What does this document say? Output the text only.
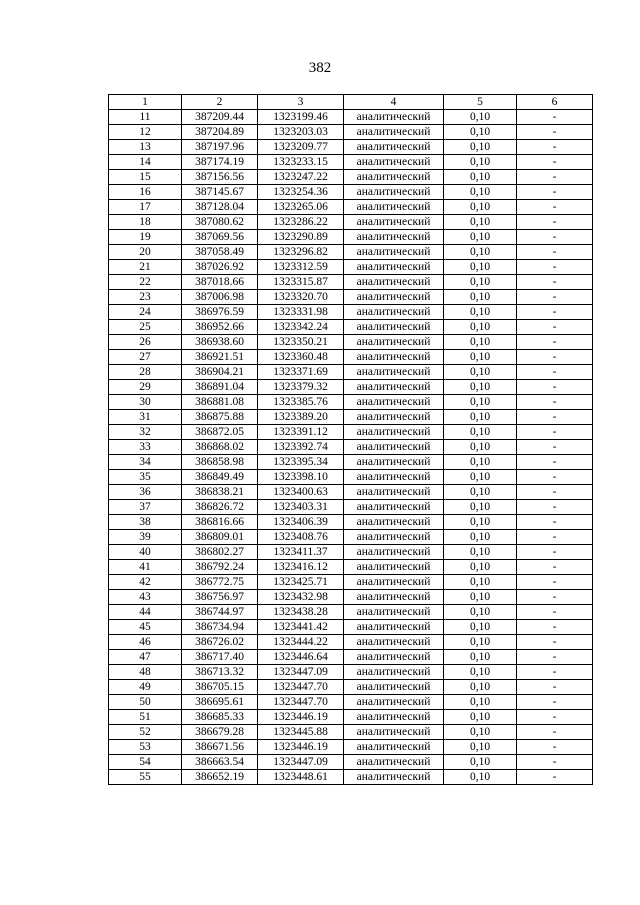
382
1	2	3	4	5	6
11	387209.44	1323199.46	аналитический	0,10	-
12	387204.89	1323203.03	аналитический	0,10	-
13	387197.96	1323209.77	аналитический	0,10	-
14	387174.19	1323233.15	аналитический	0,10	-
15	387156.56	1323247.22	аналитический	0,10	-
16	387145.67	1323254.36	аналитический	0,10	-
17	387128.04	1323265.06	аналитический	0,10	-
18	387080.62	1323286.22	аналитический	0,10	-
19	387069.56	1323290.89	аналитический	0,10	-
20	387058.49	1323296.82	аналитический	0,10	-
21	387026.92	1323312.59	аналитический	0,10	-
22	387018.66	1323315.87	аналитический	0,10	-
23	387006.98	1323320.70	аналитический	0,10	-
24	386976.59	1323331.98	аналитический	0,10	-
25	386952.66	1323342.24	аналитический	0,10	-
26	386938.60	1323350.21	аналитический	0,10	-
27	386921.51	1323360.48	аналитический	0,10	-
28	386904.21	1323371.69	аналитический	0,10	-
29	386891.04	1323379.32	аналитический	0,10	-
30	386881.08	1323385.76	аналитический	0,10	-
31	386875.88	1323389.20	аналитический	0,10	-
32	386872.05	1323391.12	аналитический	0,10	-
33	386868.02	1323392.74	аналитический	0,10	-
34	386858.98	1323395.34	аналитический	0,10	-
35	386849.49	1323398.10	аналитический	0,10	-
36	386838.21	1323400.63	аналитический	0,10	-
37	386826.72	1323403.31	аналитический	0,10	-
38	386816.66	1323406.39	аналитический	0,10	-
39	386809.01	1323408.76	аналитический	0,10	-
40	386802.27	1323411.37	аналитический	0,10	-
41	386792.24	1323416.12	аналитический	0,10	-
42	386772.75	1323425.71	аналитический	0,10	-
43	386756.97	1323432.98	аналитический	0,10	-
44	386744.97	1323438.28	аналитический	0,10	-
45	386734.94	1323441.42	аналитический	0,10	-
46	386726.02	1323444.22	аналитический	0,10	-
47	386717.40	1323446.64	аналитический	0,10	-
48	386713.32	1323447.09	аналитический	0,10	-
49	386705.15	1323447.70	аналитический	0,10	-
50	386695.61	1323447.70	аналитический	0,10	-
51	386685.33	1323446.19	аналитический	0,10	-
52	386679.28	1323445.88	аналитический	0,10	-
53	386671.56	1323446.19	аналитический	0,10	-
54	386663.54	1323447.09	аналитический	0,10	-
55	386652.19	1323448.61	аналитический	0,10	-
